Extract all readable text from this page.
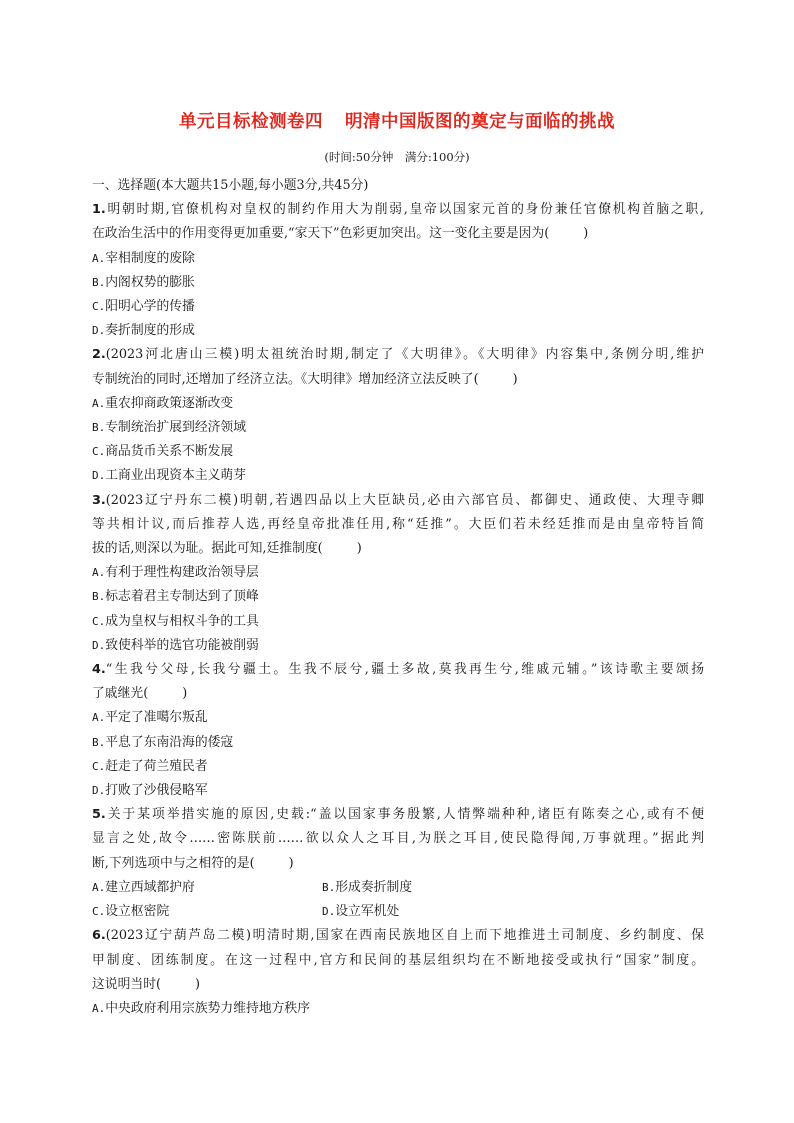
单元目标检测卷四 明清中国版图的奠定与面临的挑战
(时间:50分钟　满分:100分)
一、选择题(本大题共15小题,每小题3分,共45分)
1.明朝时期,官僚机构对皇权的制约作用大为削弱,皇帝以国家元首的身份兼任官僚机构首脑之职,
在政治生活中的作用变得更加重要,“家天下”色彩更加突出。这一变化主要是因为(	)
A.宰相制度的废除
B.内阁权势的膨胀
C.阳明心学的传播
D.奏折制度的形成
2.(2023河北唐山三模)明太祖统治时期,制定了《大明律》。《大明律》内容集中,条例分明,维护
专制统治的同时,还增加了经济立法。《大明律》增加经济立法反映了(	)
A.重农抑商政策逐渐改变
B.专制统治扩展到经济领域
C.商品货币关系不断发展
D.工商业出现资本主义萌芽
3.(2023辽宁丹东二模)明朝,若遇四品以上大臣缺员,必由六部官员、都御史、通政使、大理寺卿
等共相计议,而后推荐人选,再经皇帝批准任用,称“廷推”。大臣们若未经廷推而是由皇帝特旨简
拔的话,则深以为耻。据此可知,廷推制度(	)
A.有利于理性构建政治领导层
B.标志着君主专制达到了顶峰
C.成为皇权与相权斗争的工具
D.致使科举的选官功能被削弱
4.“生我兮父母,长我兮疆土。生我不辰兮,疆土多故,莫我再生兮,维戚元辅。”该诗歌主要颂扬
了戚继光(	)
A.平定了准噶尔叛乱
B.平息了东南沿海的倭寇
C.赶走了荷兰殖民者
D.打败了沙俄侵略军
5.关于某项举措实施的原因,史载:“盖以国家事务殷繁,人情弊端种种,诸臣有陈奏之心,或有不便
显言之处,故令……密陈朕前……欲以众人之耳目,为朕之耳目,使民隐得闻,万事就理。”据此判
断,下列选项中与之相符的是(	)
A.建立西域都护府	B.形成奏折制度
C.设立枢密院	D.设立军机处
6.(2023辽宁葫芦岛二模)明清时期,国家在西南民族地区自上而下地推进土司制度、乡约制度、保
甲制度、团练制度。在这一过程中,官方和民间的基层组织均在不断地接受或执行“国家”制度。
这说明当时(	)
A.中央政府利用宗族势力维持地方秩序
